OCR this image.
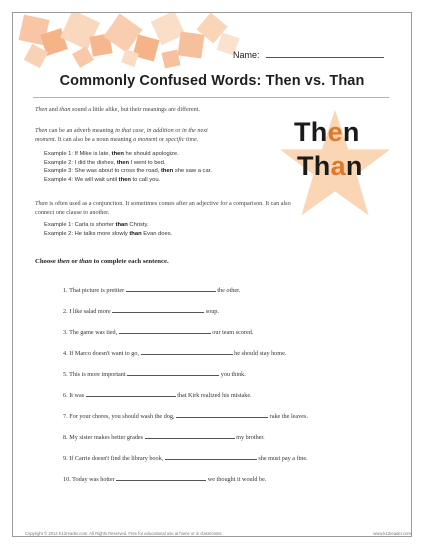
Name:
Commonly Confused Words: Then vs. Than
Then
Than
Then and than sound a little alike, but their meanings are different.
Then can be an adverb meaning in that case, in addition or in the next
moment. It can also be a noun meaning a moment or specific time.
Example 1: If Mike is late, then he should apologize.
Example 2: I did the dishes, then I went to bed.
Example 3: She was about to cross the road, then she saw a car.
Example 4: We will wait until then to call you.
Than is often used as a conjunction. It sometimes comes after an adjective for a comparison. It can also
connect one clause to another.
Example 1: Carla is shorter than Christy.
Example 2: He talks more slowly than Evan does.
Choose then or than to complete each sentence.
1. That picture is prettier	the other.
2. I like salad more	soup.
3. The game was tied,	our team scored.
4. If Marco doesn't want to go,	he should stay home.
5. This is more important	you think.
6. It was	that Kirk realized his mistake.
7. For your chores, you should wash the dog,	rake the leaves.
8. My sister makes better grades	my brother.
9. If Carrie doesn't find the library book,	she must pay a fine.
10. Today was hotter	we thought it would be.
Copyright © 2014 K12reader.com. All Rights Reserved. Free for educational use at home or in classrooms.	www.k12reader.com
